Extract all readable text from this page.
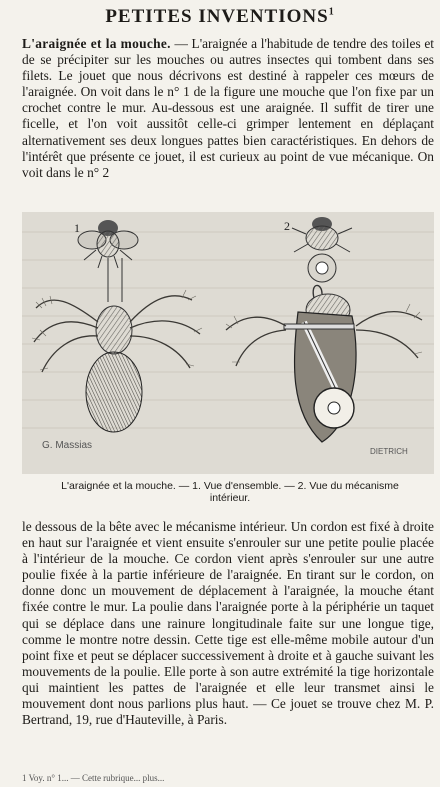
PETITES INVENTIONS$^1$
L'araignée et la mouche. — L'araignée a l'habitude de tendre des toiles et de se précipiter sur les mouches ou autres insectes qui tombent dans ses filets. Le jouet que nous décrivons est destiné à rappeler ces mœurs de l'araignée. On voit dans le n° 1 de la figure une mouche que l'on fixe par un crochet contre le mur. Au-dessous est une araignée. Il suffit de tirer une ficelle, et l'on voit aussitôt celle-ci grimper lentement en déplaçant alternativement ses deux longues pattes bien caractéristiques. En dehors de l'intérêt que présente ce jouet, il est curieux au point de vue mécanique. On voit dans le n° 2
1	2
G. Massias
DIETRICH
L'araignée et la mouche. — 1. Vue d'ensemble. — 2. Vue du mécanisme intérieur.
le dessous de la bête avec le mécanisme intérieur. Un cordon est fixé à droite en haut sur l'araignée et vient ensuite s'enrouler sur une petite poulie placée à l'intérieur de la mouche. Ce cordon vient après s'enrouler sur une autre poulie fixée à la partie inférieure de l'araignée. En tirant sur le cordon, on donne donc un mouvement de déplacement à l'araignée, la mouche étant fixée contre le mur. La poulie dans l'araignée porte à la périphérie un taquet qui se déplace dans une rainure longitudinale faite sur une longue tige, comme le montre notre dessin. Cette tige est elle-même mobile autour d'un point fixe et peut se déplacer successivement à droite et à gauche suivant les mouvements de la poulie. Elle porte à son autre extrémité la tige horizontale qui maintient les pattes de l'araignée et elle leur transmet ainsi le mouvement dont nous parlions plus haut. — Ce jouet se trouve chez M. P. Bertrand, 19, rue d'Hauteville, à Paris.
1 Voy. n° 1... — Cette rubrique... plus...
